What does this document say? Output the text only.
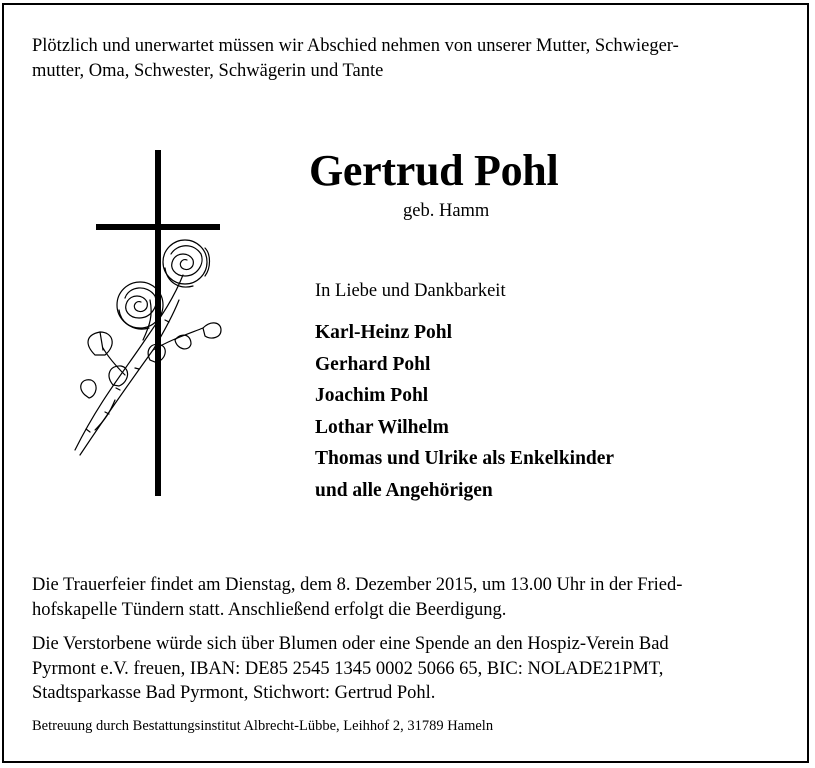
Plötzlich und unerwartet müssen wir Abschied nehmen von unserer Mutter, Schwieger-
mutter, Oma, Schwester, Schwägerin und Tante
Gertrud Pohl
geb. Hamm
In Liebe und Dankbarkeit
Karl-Heinz Pohl
Gerhard Pohl
Joachim Pohl
Lothar Wilhelm
Thomas und Ulrike als Enkelkinder
und alle Angehörigen
Die Trauerfeier findet am Dienstag, dem 8. Dezember 2015, um 13.00 Uhr in der Fried-
hofskapelle Tündern statt. Anschließend erfolgt die Beerdigung.
Die Verstorbene würde sich über Blumen oder eine Spende an den Hospiz-Verein Bad
Pyrmont e.V. freuen, IBAN: DE85 2545 1345 0002 5066 65, BIC: NOLADE21PMT,
Stadtsparkasse Bad Pyrmont, Stichwort: Gertrud Pohl.
Betreuung durch Bestattungsinstitut Albrecht-Lübbe, Leihhof 2, 31789 Hameln
